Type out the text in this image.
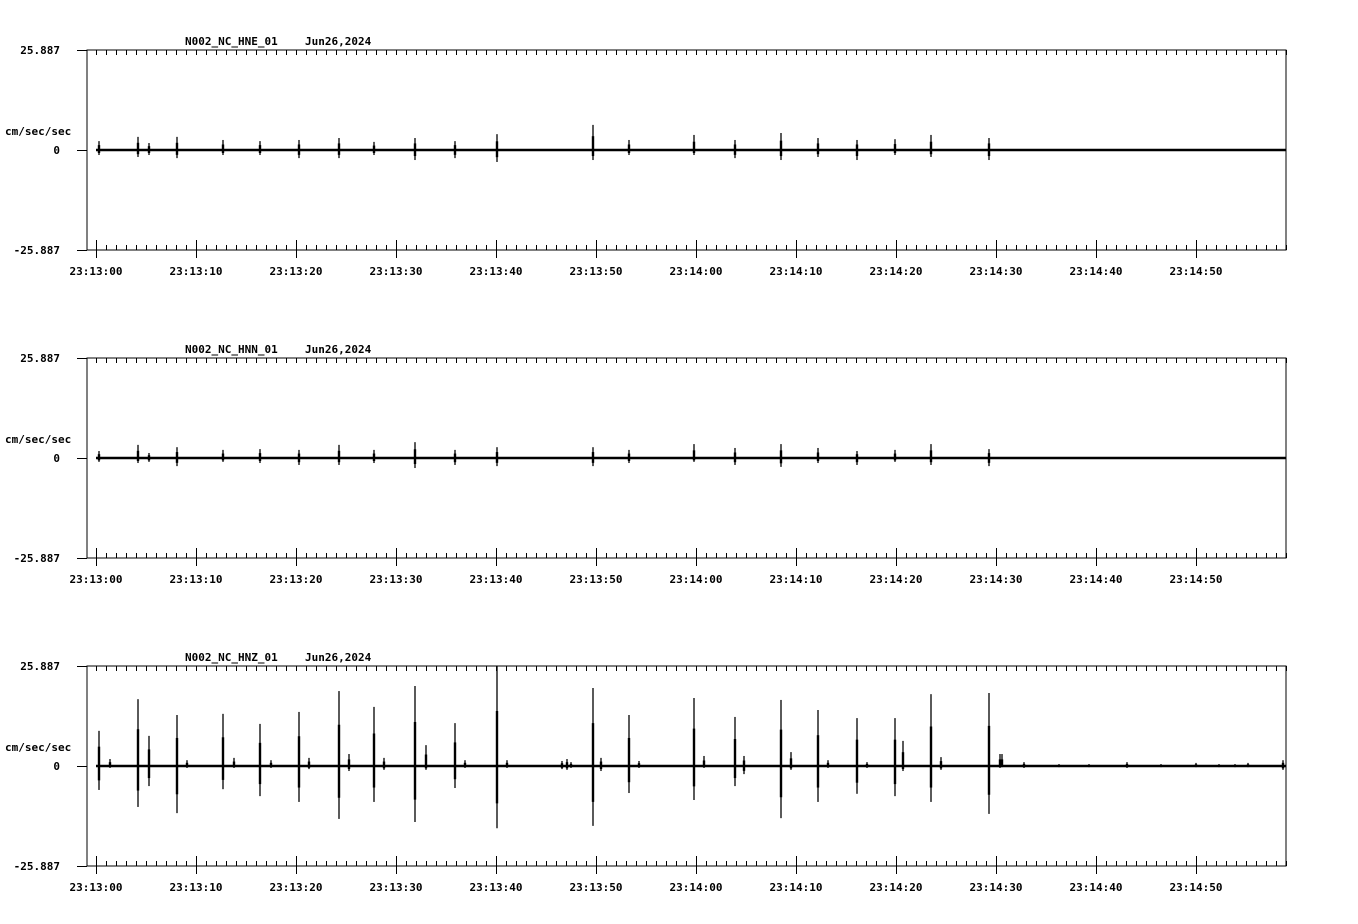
N002_NC_HNE_01 Jun26,2024
25.887
0
-25.887
cm/sec/sec
23:13:00	23:13:10	23:13:20	23:13:30	23:13:40	23:13:50	23:14:00	23:14:10	23:14:20	23:14:30	23:14:40	23:14:50
N002_NC_HNN_01 Jun26,2024
25.887
0
-25.887
cm/sec/sec
23:13:00	23:13:10	23:13:20	23:13:30	23:13:40	23:13:50	23:14:00	23:14:10	23:14:20	23:14:30	23:14:40	23:14:50
N002_NC_HNZ_01 Jun26,2024
25.887
0
-25.887
cm/sec/sec
23:13:00	23:13:10	23:13:20	23:13:30	23:13:40	23:13:50	23:14:00	23:14:10	23:14:20	23:14:30	23:14:40	23:14:50
